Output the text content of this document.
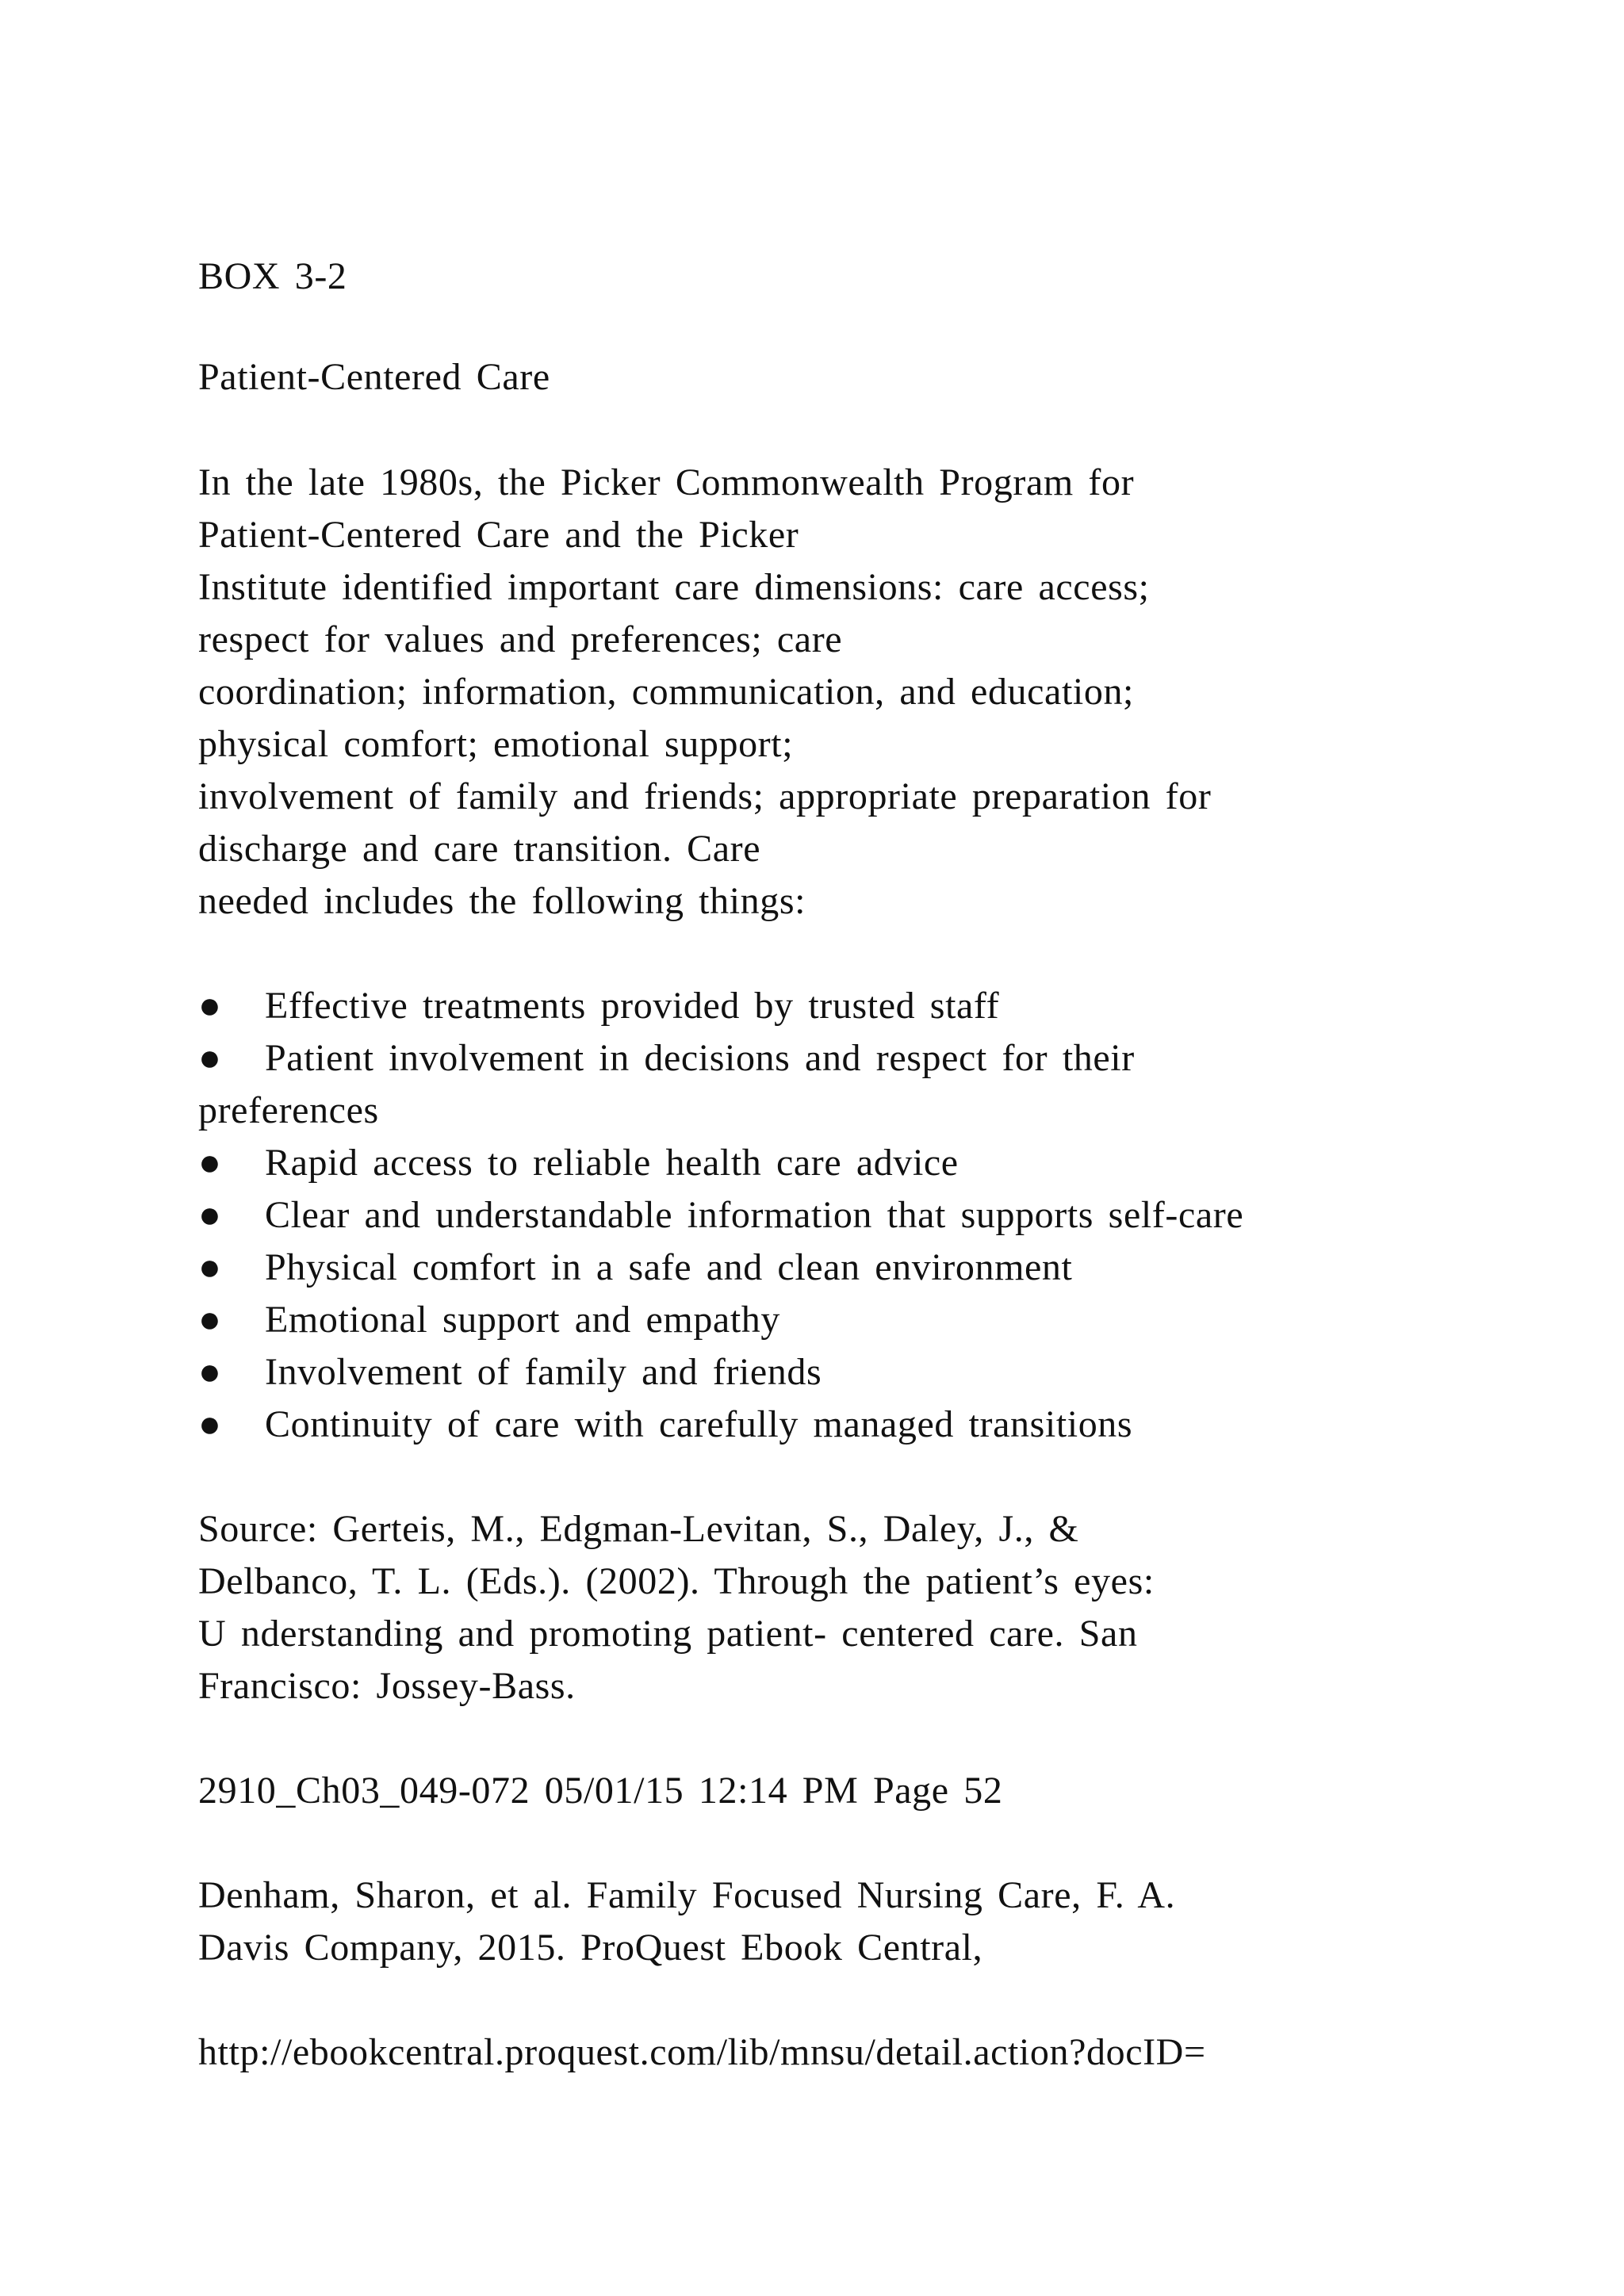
BOX 3-2

Patient-Centered Care

In the late 1980s, the Picker Commonwealth Program for

Patient-Centered Care and the Picker

Institute identified important care dimensions: care access;

respect for values and preferences; care

coordination; information, communication, and education;

physical comfort; emotional support;

involvement of family and friends; appropriate preparation for

discharge and care transition. Care

needed includes the following things:

● Effective treatments provided by trusted staff
● Patient involvement in decisions and respect for their

preferences

● Rapid access to reliable health care advice
● Clear and understandable information that supports self-care
● Physical comfort in a safe and clean environment
● Emotional support and empathy
● Involvement of family and friends
● Continuity of care with carefully managed transitions

Source: Gerteis, M., Edgman-Levitan, S., Daley, J., &

Delbanco, T. L. (Eds.). (2002). Through the patient’s eyes:

U nderstanding and promoting patient- centered care. San

Francisco: Jossey-Bass.

2910_Ch03_049-072 05/01/15 12:14 PM Page 52

Denham, Sharon, et al. Family Focused Nursing Care, F. A.

Davis Company, 2015. ProQuest Ebook Central,

http://ebookcentral.proquest.com/lib/mnsu/detail.action?docID=
